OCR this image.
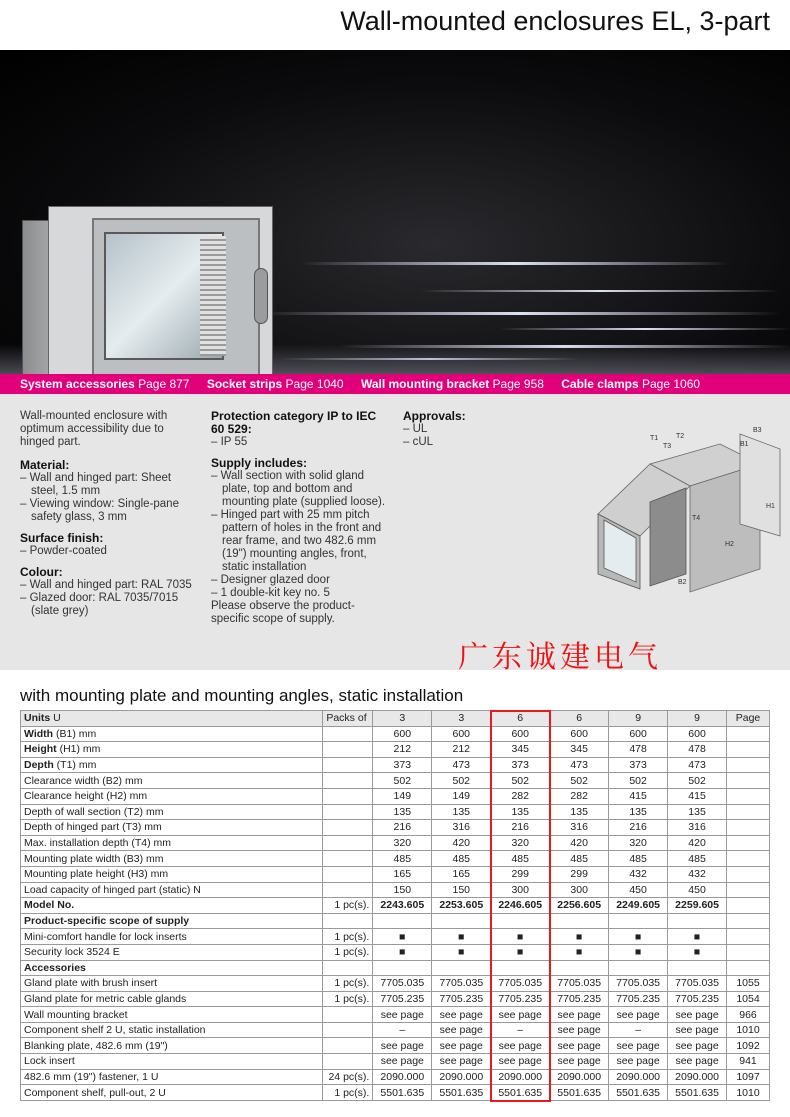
Wall-mounted enclosures EL, 3-part
System accessories Page 877 Socket strips Page 1040 Wall mounting bracket Page 958 Cable clamps Page 1060
Wall-mounted enclosure with optimum accessibility due to hinged part.
Material:
– Wall and hinged part: Sheet steel, 1.5 mm
– Viewing window: Single-pane safety glass, 3 mm
Surface finish:
– Powder-coated
Colour:
– Wall and hinged part: RAL 7035
– Glazed door: RAL 7035/7015 (slate grey)
Protection category IP to IEC 60 529:
– IP 55
Supply includes:
– Wall section with solid gland plate, top and bottom and mounting plate (supplied loose).
– Hinged part with 25 mm pitch pattern of holes in the front and rear frame, and two 482.6 mm (19") mounting angles, front, static installation
– Designer glazed door
– 1 double-kit key no. 5
Please observe the product-specific scope of supply.
Approvals:
– UL
– cUL	T1
T3
T2
B3
B1
H1
T4
H2
B2
广东诚建电气
with mounting plate and mounting angles, static installation
Units U	Packs of	3	3	6	6	9	9	Page
Width (B1) mm		600	600	600	600	600	600	
Height (H1) mm		212	212	345	345	478	478	
Depth (T1) mm		373	473	373	473	373	473	
Clearance width (B2) mm		502	502	502	502	502	502	
Clearance height (H2) mm		149	149	282	282	415	415	
Depth of wall section (T2) mm		135	135	135	135	135	135	
Depth of hinged part (T3) mm		216	316	216	316	216	316	
Max. installation depth (T4) mm		320	420	320	420	320	420	
Mounting plate width (B3) mm		485	485	485	485	485	485	
Mounting plate height (H3) mm		165	165	299	299	432	432	
Load capacity of hinged part (static) N		150	150	300	300	450	450	
Model No.	1 pc(s).	2243.605	2253.605	2246.605	2256.605	2249.605	2259.605	
Product-specific scope of supply								
Mini-comfort handle for lock inserts	1 pc(s).	■	■	■	■	■	■	
Security lock 3524 E	1 pc(s).	■	■	■	■	■	■	
Accessories								
Gland plate with brush insert	1 pc(s).	7705.035	7705.035	7705.035	7705.035	7705.035	7705.035	1055
Gland plate for metric cable glands	1 pc(s).	7705.235	7705.235	7705.235	7705.235	7705.235	7705.235	1054
Wall mounting bracket		see page	see page	see page	see page	see page	see page	966
Component shelf 2 U, static installation		–	see page	–	see page	–	see page	1010
Blanking plate, 482.6 mm (19")		see page	see page	see page	see page	see page	see page	1092
Lock insert		see page	see page	see page	see page	see page	see page	941
482.6 mm (19") fastener, 1 U	24 pc(s).	2090.000	2090.000	2090.000	2090.000	2090.000	2090.000	1097
Component shelf, pull-out, 2 U	1 pc(s).	5501.635	5501.635	5501.635	5501.635	5501.635	5501.635	1010
